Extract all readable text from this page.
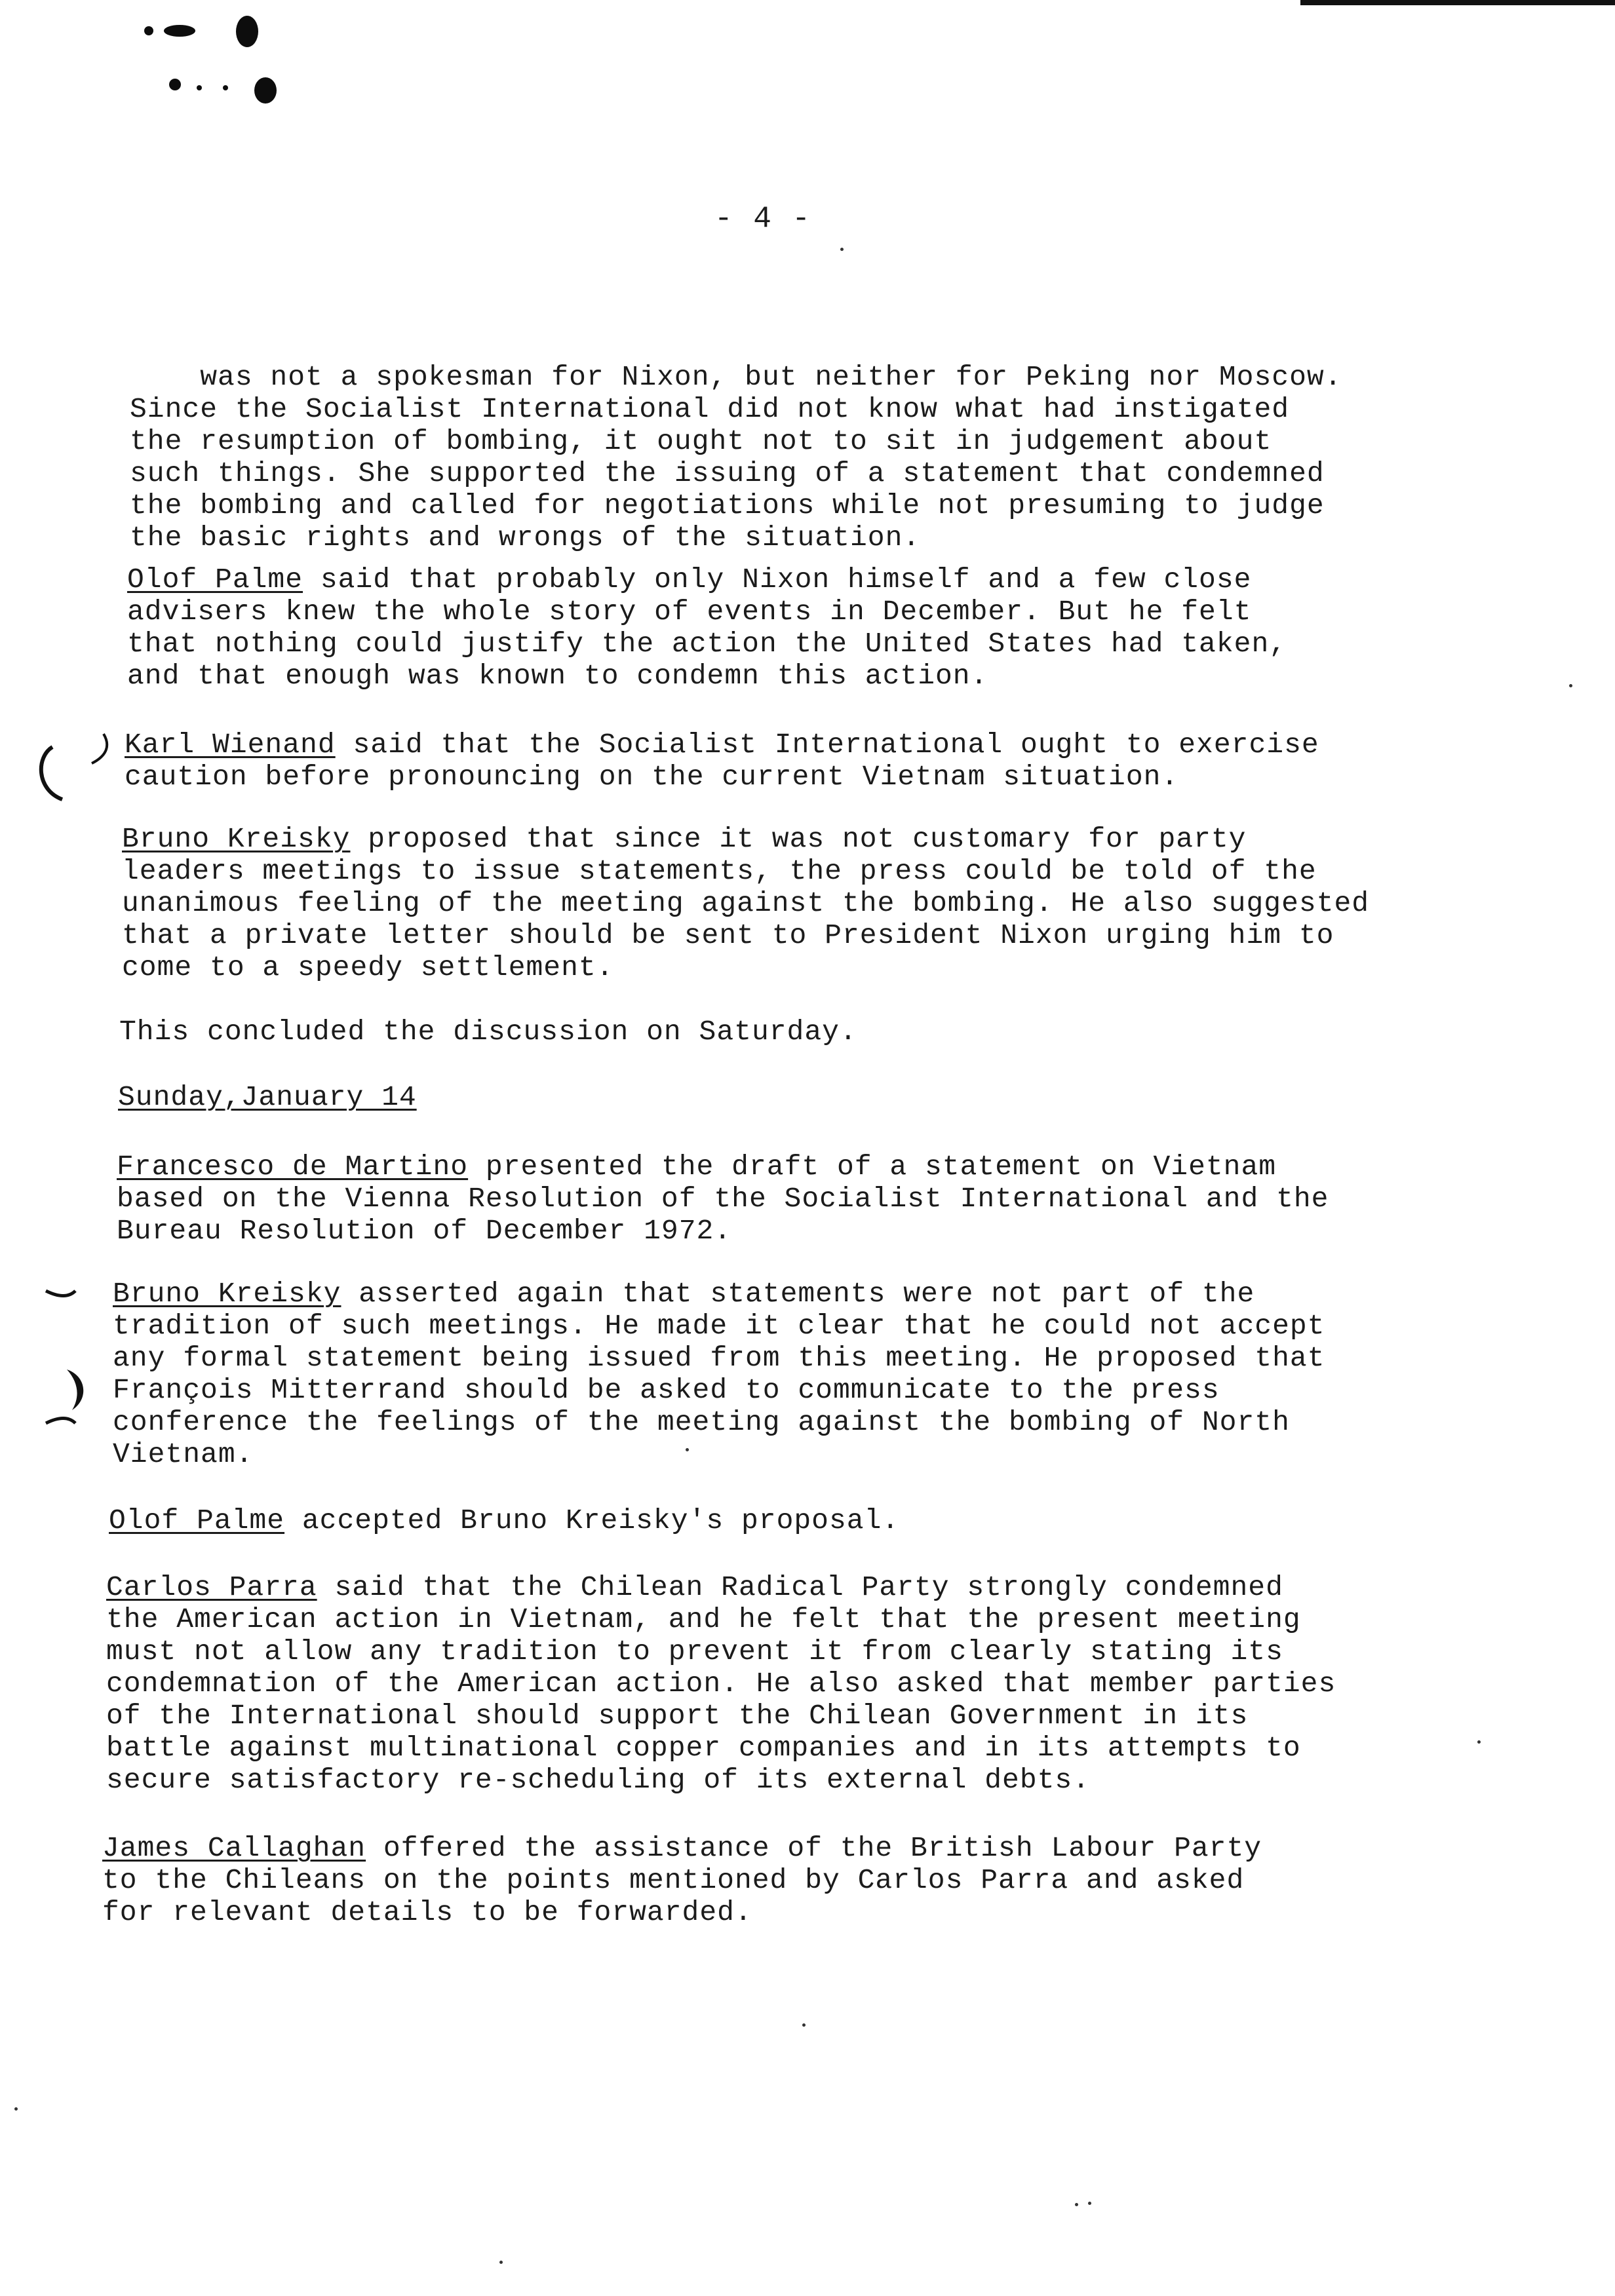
- 4 -

was not a spokesman for Nixon, but neither for Peking nor Moscow.
Since the Socialist International did not know what had instigated
the resumption of bombing, it ought not to sit in judgement about
such things. She supported the issuing of a statement that condemned
the bombing and called for negotiations while not presuming to judge
the basic rights and wrongs of the situation.

Olof Palme said that probably only Nixon himself and a few close
advisers knew the whole story of events in December. But he felt
that nothing could justify the action the United States had taken,
and that enough was known to condemn this action.
Karl Wienand said that the Socialist International ought to exercise
caution before pronouncing on the current Vietnam situation.
Bruno Kreisky proposed that since it was not customary for party
leaders meetings to issue statements, the press could be told of the
unanimous feeling of the meeting against the bombing. He also suggested
that a private letter should be sent to President Nixon urging him to
come to a speedy settlement.
This concluded the discussion on Saturday.
Sunday,January 14
Francesco de Martino presented the draft of a statement on Vietnam
based on the Vienna Resolution of the Socialist International and the
Bureau Resolution of December 1972.
Bruno Kreisky asserted again that statements were not part of the
tradition of such meetings. He made it clear that he could not accept
any formal statement being issued from this meeting. He proposed that
François Mitterrand should be asked to communicate to the press
conference the feelings of the meeting against the bombing of North
Vietnam.
Olof Palme accepted Bruno Kreisky's proposal.
Carlos Parra said that the Chilean Radical Party strongly condemned
the American action in Vietnam, and he felt that the present meeting
must not allow any tradition to prevent it from clearly stating its
condemnation of the American action. He also asked that member parties
of the International should support the Chilean Government in its
battle against multinational copper companies and in its attempts to
secure satisfactory re-scheduling of its external debts.
James Callaghan offered the assistance of the British Labour Party
to the Chileans on the points mentioned by Carlos Parra and asked
for relevant details to be forwarded.
